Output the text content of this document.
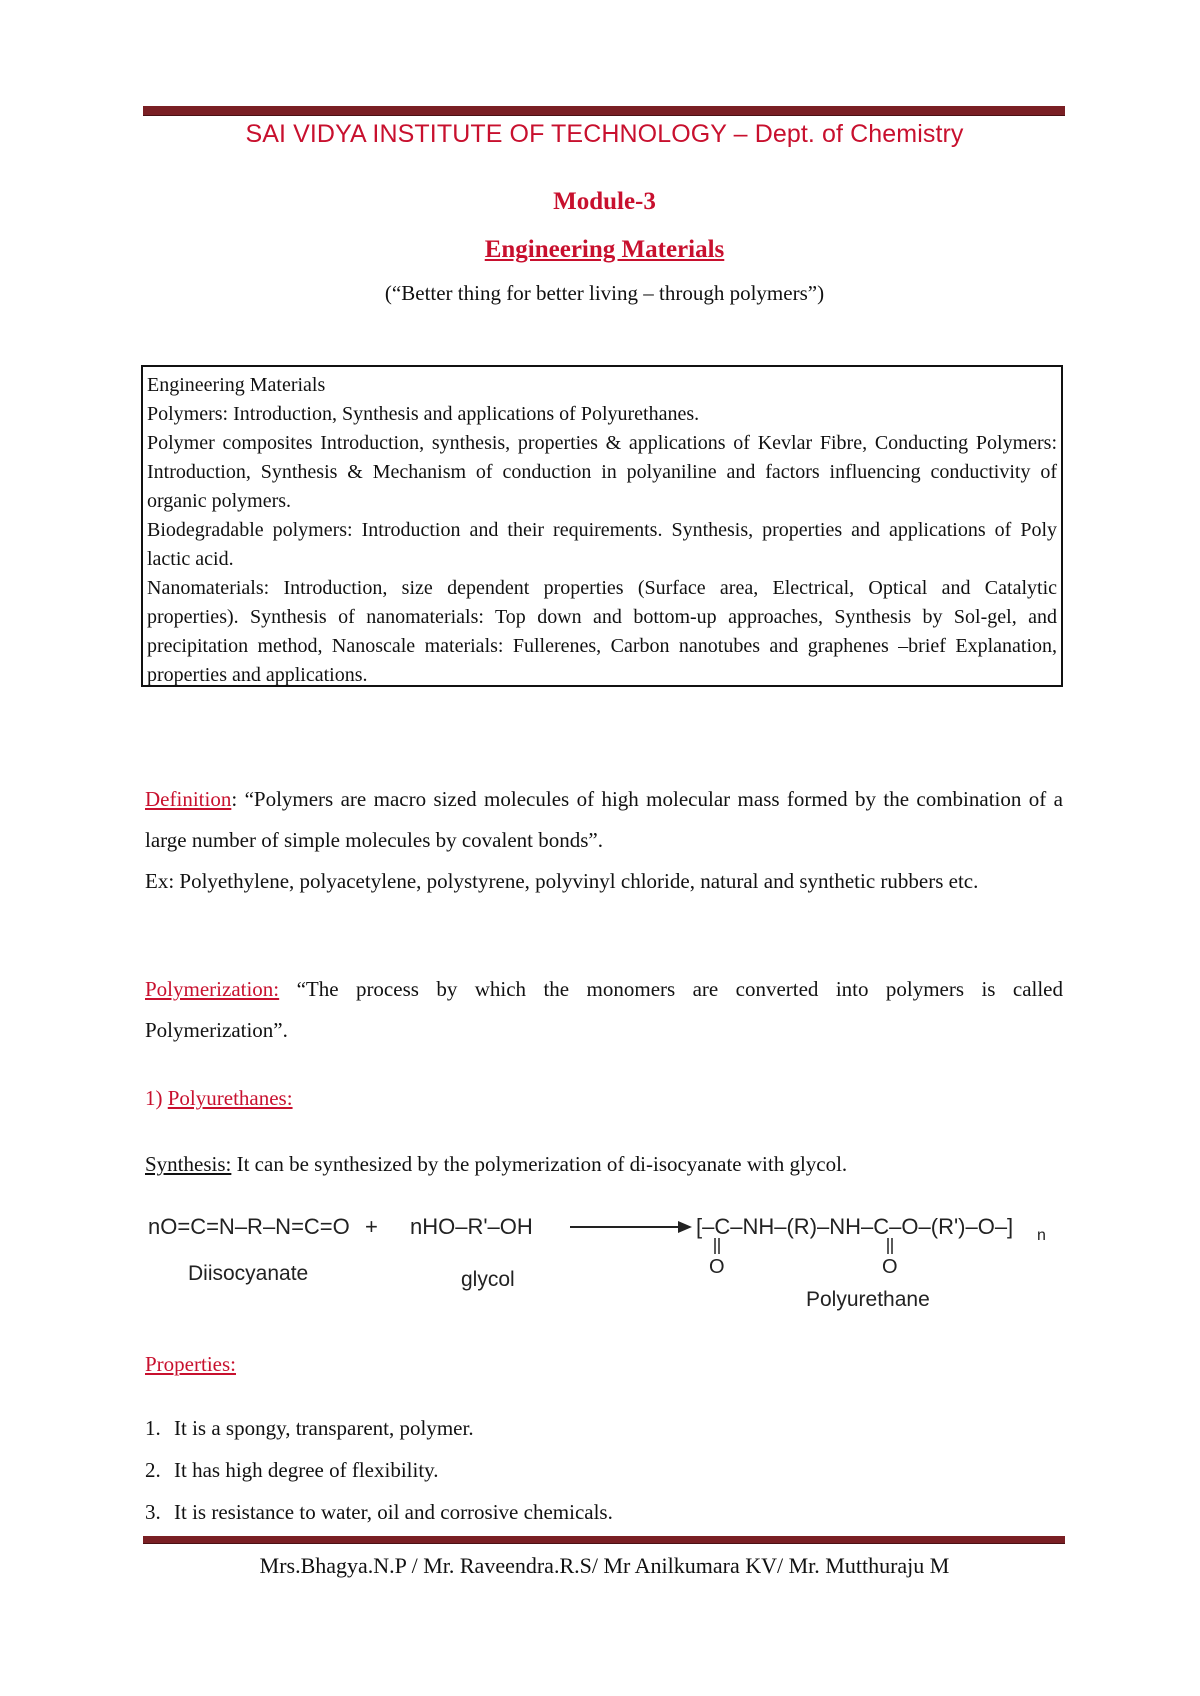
SAI VIDYA INSTITUTE OF TECHNOLOGY – Dept. of Chemistry
Module-3
Engineering Materials
(“Better thing for better living – through polymers”)

Engineering Materials

Polymers: Introduction, Synthesis and applications of Polyurethanes.

Polymer composites Introduction, synthesis, properties & applications of Kevlar Fibre, Conducting Polymers: Introduction, Synthesis & Mechanism of conduction in polyaniline and factors influencing conductivity of organic polymers.

Biodegradable polymers: Introduction and their requirements. Synthesis, properties and applications of Poly lactic acid.

Nanomaterials: Introduction, size dependent properties (Surface area, Electrical, Optical and Catalytic properties). Synthesis of nanomaterials: Top down and bottom-up approaches, Synthesis by Sol-gel, and precipitation method, Nanoscale materials: Fullerenes, Carbon nanotubes and graphenes –brief Explanation, properties and applications.

Definition: “Polymers are macro sized molecules of high molecular mass formed by the combination of a large number of simple molecules by covalent bonds”.
Ex: Polyethylene, polyacetylene, polystyrene, polyvinyl chloride, natural and synthetic rubbers etc.
Polymerization: “The process by which the monomers are converted into polymers is called Polymerization”.
1) Polyurethanes:
Synthesis: It can be synthesized by the polymerization of di-isocyanate with glycol.
nO=C=N–R–N=C=O + nHO–R'–OH	[–C–NH–(R)–NH–C–O–(R')–O–] n
O	O
Diisocyanate	glycol
Polyurethane
Properties:
1. It is a spongy, transparent, polymer.
2. It has high degree of flexibility.
3. It is resistance to water, oil and corrosive chemicals.
Mrs.Bhagya.N.P / Mr. Raveendra.R.S/ Mr Anilkumara KV/ Mr. Mutthuraju M
